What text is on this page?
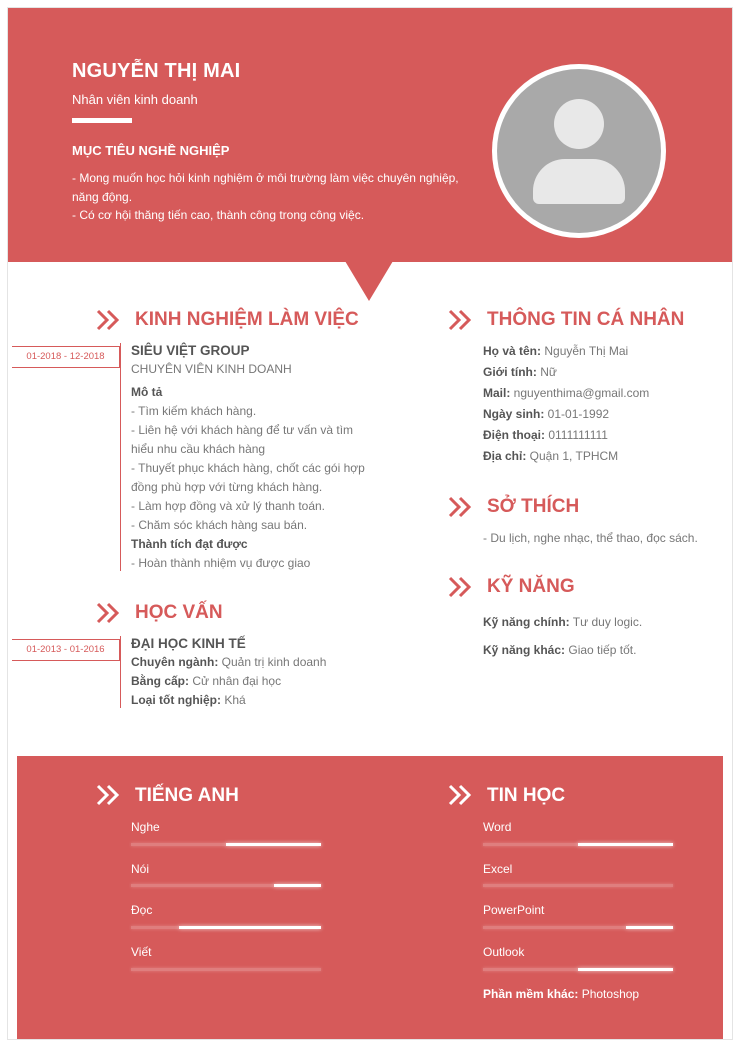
NGUYỄN THỊ MAI
Nhân viên kinh doanh
MỤC TIÊU NGHỀ NGHIỆP
- Mong muốn học hỏi kinh nghiệm ở môi trường làm việc chuyên nghiệp,
năng động.
- Có cơ hội thăng tiến cao, thành công trong công việc.
KINH NGHIỆM LÀM VIỆC
01-2018 - 12-2018	SIÊU VIỆT GROUP
CHUYÊN VIÊN KINH DOANH
Mô tả
- Tìm kiếm khách hàng.
- Liên hệ với khách hàng để tư vấn và tìm
hiểu nhu cầu khách hàng
- Thuyết phục khách hàng, chốt các gói hợp
đồng phù hợp với từng khách hàng.
- Làm hợp đồng và xử lý thanh toán.
- Chăm sóc khách hàng sau bán.
Thành tích đạt được
- Hoàn thành nhiệm vụ được giao
HỌC VẤN
01-2013 - 01-2016	ĐẠI HỌC KINH TẾ
Chuyên ngành: Quản trị kinh doanh
Bằng cấp: Cử nhân đại học
Loại tốt nghiệp: Khá
THÔNG TIN CÁ NHÂN
Họ và tên: Nguyễn Thị Mai
Giới tính: Nữ
Mail: nguyenthima@gmail.com
Ngày sinh: 01-01-1992
Điện thoại: 0111111111
Địa chỉ: Quận 1, TPHCM
SỞ THÍCH
- Du lịch, nghe nhạc, thể thao, đọc sách.
KỸ NĂNG
Kỹ năng chính: Tư duy logic.
Kỹ năng khác: Giao tiếp tốt.
TIẾNG ANH
Nghe
Nói
Đọc
Viết
TIN HỌC
Word
Excel
PowerPoint
Outlook
Phần mềm khác: Photoshop
